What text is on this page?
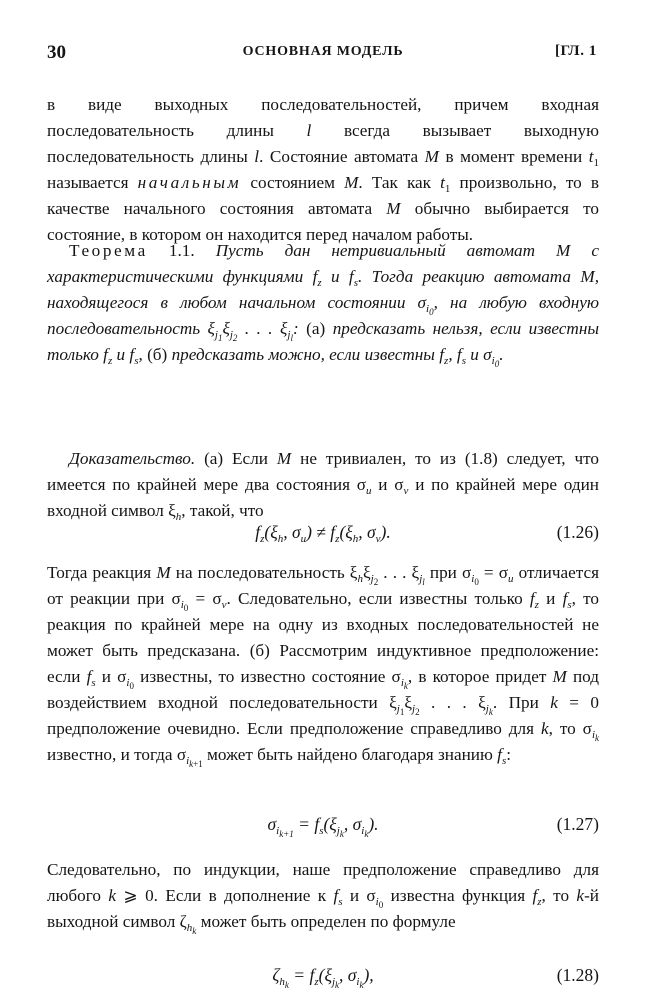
30	ОСНОВНАЯ МОДЕЛЬ	[ГЛ. 1
в виде выходных последовательностей, причем входная последовательность длины l всегда вызывает выходную последовательность длины l. Состояние автомата M в момент времени $t_1$ называется начальным состоянием M. Так как $t_1$ произвольно, то в качестве начального состояния автомата M обычно выбирается то состояние, в котором он находится перед началом работы.
Теорема 1.1. Пусть дан нетривиальный автомат M с характеристическими функциями $f_z$ и $f_s$. Тогда реакцию автомата M, находящегося в любом начальном состоянии $\sigma_{i_0}$, на любую входную последовательность $\xi_{j_1}\xi_{j_2}$ . . . $\xi_{j_l}$: (а) предсказать нельзя, если известны только $f_z$ и $f_s$, (б) предсказать можно, если известны $f_z$, $f_s$ и $\sigma_{i_0}$.
Доказательство. (а) Если M не тривиален, то из (1.8) следует, что имеется по крайней мере два состояния $\sigma_u$ и $\sigma_v$ и по крайней мере один входной символ $\xi_h$, такой, что
$f_z(\xi_h$, $\sigma_u) \ne f_z(\xi_h$, $\sigma_v$).	(1.26)
Тогда реакция M на последовательность $\xi_h\xi_{j_2}$ . . . $\xi_{j_l}$ при $\sigma_{i_0} = \sigma_u$ отличается от реакции при $\sigma_{i_0} = \sigma_v$. Следовательно, если известны только $f_z$ и $f_s$, то реакция по крайней мере на одну из входных последовательностей не может быть предсказана. (б) Рассмотрим индуктивное предположение: если $f_s$ и $\sigma_{i_0}$ известны, то известно состояние $\sigma_{i_k}$, в которое придет M под воздействием входной последовательности $\xi_{j_1}\xi_{j_2}$ . . . $\xi_{j_k}$. При k = 0 предположение очевидно. Если предположение справедливо для k, то $\sigma_{i_k}$ известно, и тогда $\sigma_{i_{k+1}}$ может быть найдено благодаря знанию $f_s$:
$\sigma_{i_{k+1}} = f_s(\xi_{j_k}$, $\sigma_{i_k}$).	(1.27)
Следовательно, по индукции, наше предположение справедливо для любого k ⩾ 0. Если в дополнение к $f_s$ и $\sigma_{i_0}$ известна функция $f_z$, то k-й выходной символ $\zeta_{h_k}$ может быть определен по формуле
$\zeta_{h_k} = f_z(\xi_{j_k}$, $\sigma_{i_k}$),	(1.28)
